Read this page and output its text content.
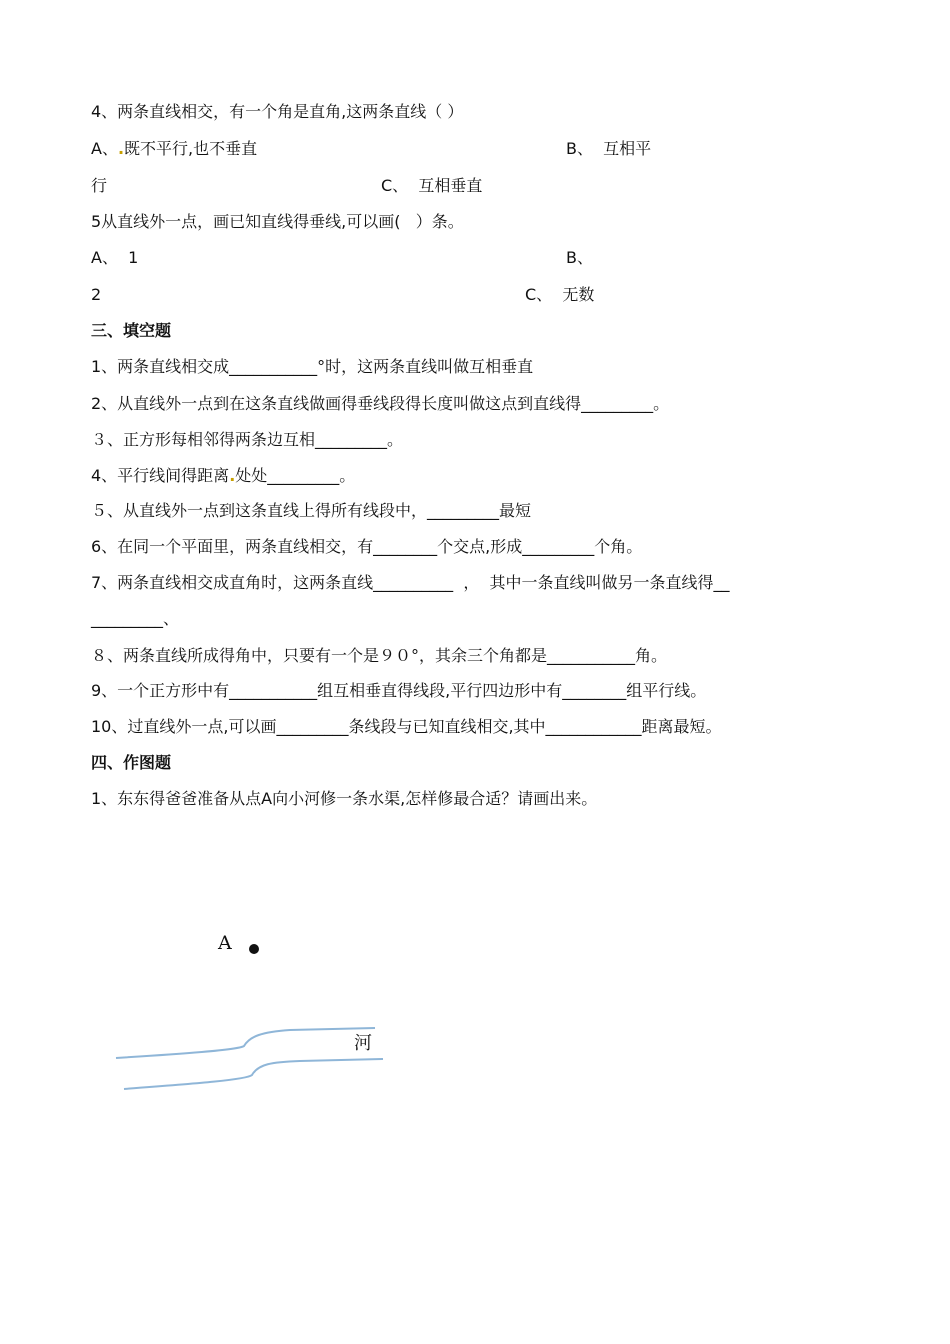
4、两条直线相交，有一个角是直角,这两条直线（ ）
A、.既不平行,也不垂直	B、  互相平
行	C、  互相垂直
5从直线外一点，画已知直线得垂线,可以画(   ）条。
A、  1	B、
2	C、  无数
三、填空题
1、两条直线相交成___________°时，这两条直线叫做互相垂直
2、从直线外一点到在这条直线做画得垂线段得长度叫做这点到直线得_________。
３、正方形每相邻得两条边互相_________。
4、平行线间得距离.处处_________。
５、从直线外一点到这条直线上得所有线段中，_________最短
6、在同一个平面里，两条直线相交，有________个交点,形成_________个角。
7、两条直线相交成直角时，这两条直线__________  ，  其中一条直线叫做另一条直线得__
_________、
８、两条直线所成得角中，只要有一个是９０°，其余三个角都是___________角。
9、一个正方形中有___________组互相垂直得线段,平行四边形中有________组平行线。
10、过直线外一点,可以画_________条线段与已知直线相交,其中____________距离最短。
四、作图题
1、东东得爸爸准备从点A向小河修一条水渠,怎样修最合适？请画出来。
A
河
